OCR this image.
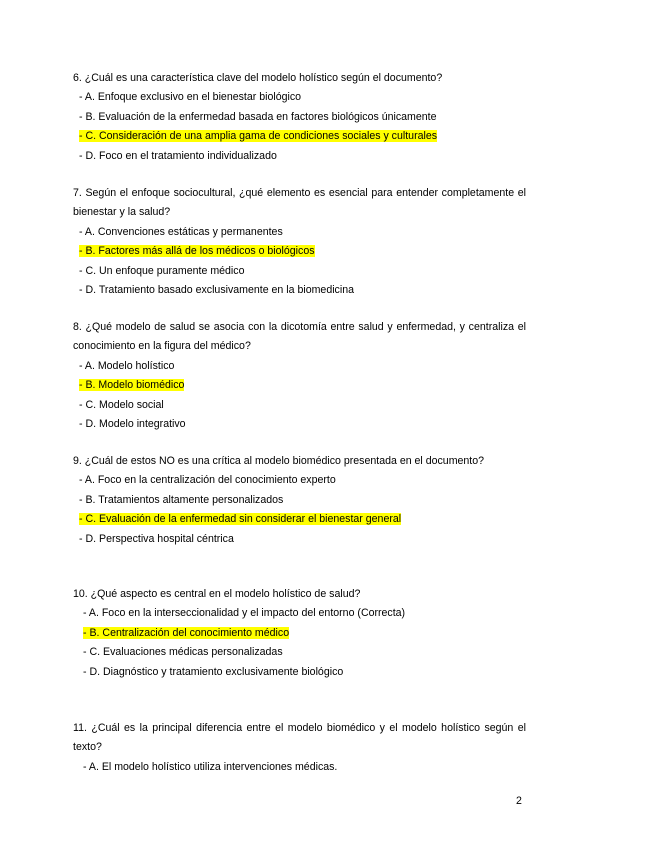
6. ¿Cuál es una característica clave del modelo holístico según el documento?

- A. Enfoque exclusivo en el bienestar biológico

- B. Evaluación de la enfermedad basada en factores biológicos únicamente

- C. Consideración de una amplia gama de condiciones sociales y culturales

- D. Foco en el tratamiento individualizado

7. Según el enfoque sociocultural, ¿qué elemento es esencial para entender completamente el bienestar y la salud?

- A. Convenciones estáticas y permanentes

- B. Factores más allá de los médicos o biológicos

- C. Un enfoque puramente médico

- D. Tratamiento basado exclusivamente en la biomedicina

8. ¿Qué modelo de salud se asocia con la dicotomía entre salud y enfermedad, y centraliza el conocimiento en la figura del médico?

- A. Modelo holístico

- B. Modelo biomédico

- C. Modelo social

- D. Modelo integrativo

9. ¿Cuál de estos NO es una crítica al modelo biomédico presentada en el documento?

- A. Foco en la centralización del conocimiento experto

- B. Tratamientos altamente personalizados

- C. Evaluación de la enfermedad sin considerar el bienestar general

- D. Perspectiva hospital céntrica

10. ¿Qué aspecto es central en el modelo holístico de salud?

- A. Foco en la interseccionalidad y el impacto del entorno (Correcta)

- B. Centralización del conocimiento médico

- C. Evaluaciones médicas personalizadas

- D. Diagnóstico y tratamiento exclusivamente biológico

11. ¿Cuál es la principal diferencia entre el modelo biomédico y el modelo holístico según el texto?

- A. El modelo holístico utiliza intervenciones médicas.

2
